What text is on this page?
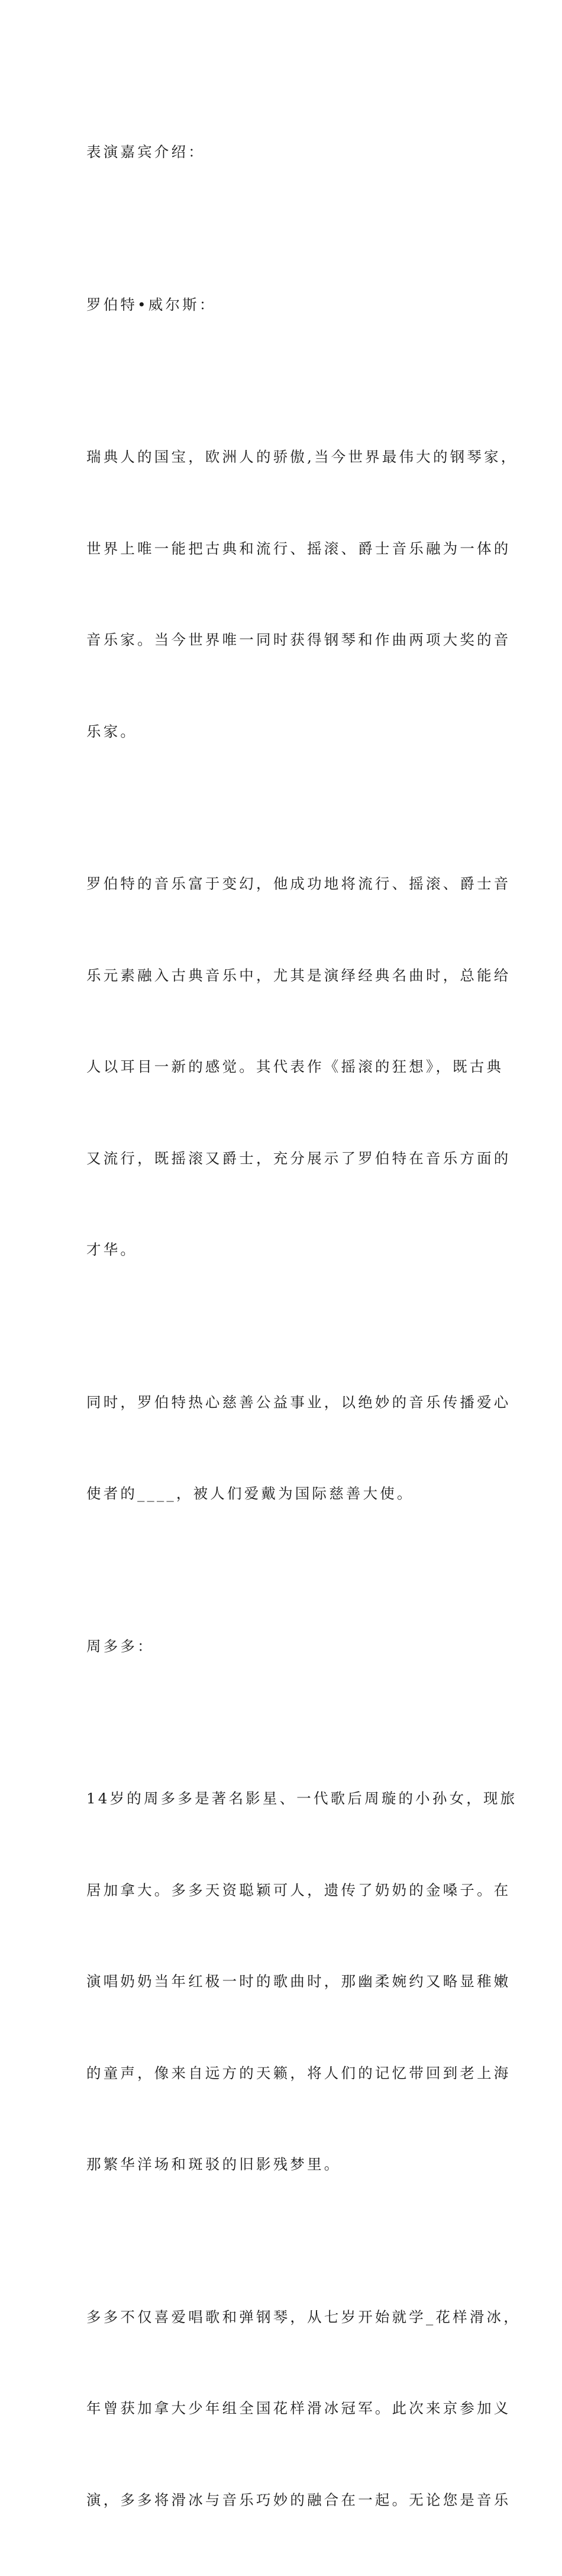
表演嘉宾介绍：

罗伯特•威尔斯：

瑞典人的国宝，欧洲人的骄傲,当今世界最伟大的钢琴家，

世界上唯一能把古典和流行、摇滚、爵士音乐融为一体的

音乐家。当今世界唯一同时获得钢琴和作曲两项大奖的音

乐家。

罗伯特的音乐富于变幻，他成功地将流行、摇滚、爵士音

乐元素融入古典音乐中，尤其是演绎经典名曲时，总能给

人以耳目一新的感觉。其代表作《摇滚的狂想》，既古典

又流行，既摇滚又爵士，充分展示了罗伯特在音乐方面的

才华。

同时，罗伯特热心慈善公益事业，以绝妙的音乐传播爱心

使者的____，被人们爱戴为国际慈善大使。

周多多：

14岁的周多多是著名影星、一代歌后周璇的小孙女，现旅

居加拿大。多多天资聪颖可人，遗传了奶奶的金嗓子。在

演唱奶奶当年红极一时的歌曲时，那幽柔婉约又略显稚嫩

的童声，像来自远方的天籁，将人们的记忆带回到老上海

那繁华洋场和斑驳的旧影残梦里。

多多不仅喜爱唱歌和弹钢琴，从七岁开始就学_花样滑冰，

年曾获加拿大少年组全国花样滑冰冠军。此次来京参加义

演，多多将滑冰与音乐巧妙的融合在一起。无论您是音乐
